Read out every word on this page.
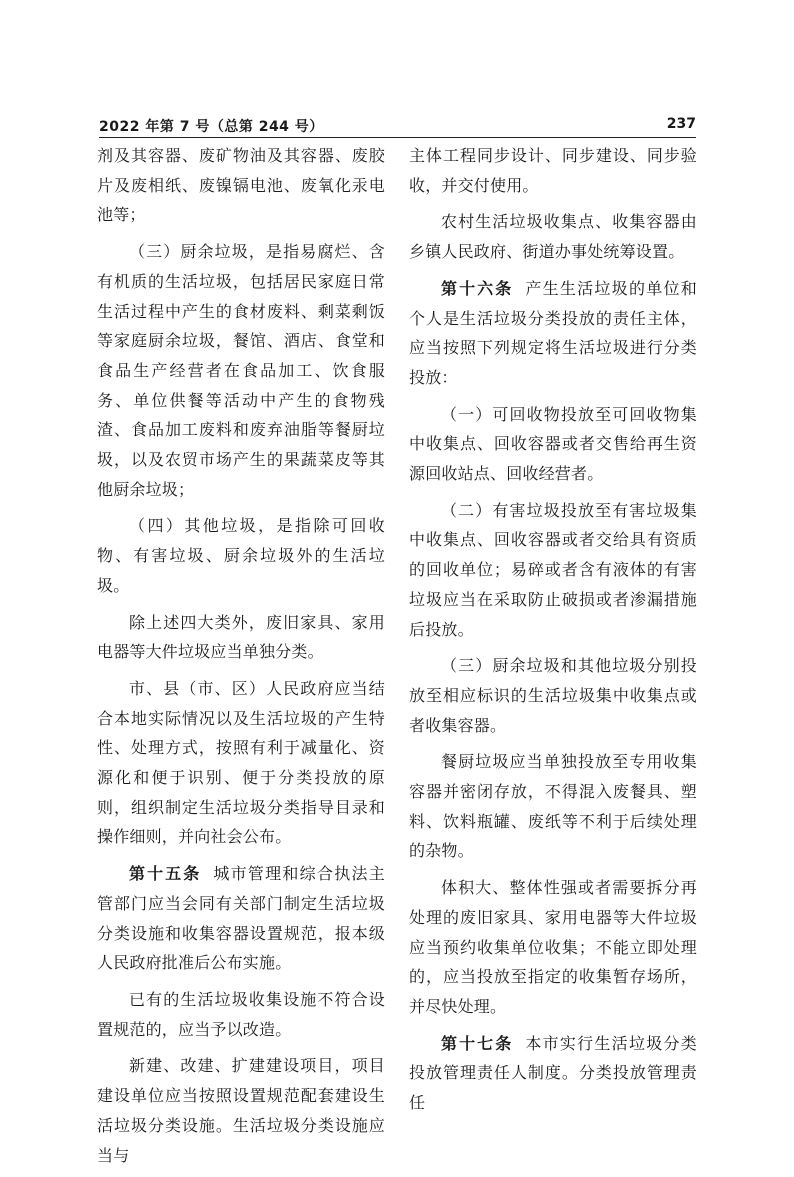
2022 年第 7 号（总第 244 号）	237

剂及其容器、废矿物油及其容器、废胶片及废相纸、废镍镉电池、废氧化汞电池等；

（三）厨余垃圾，是指易腐烂、含有机质的生活垃圾，包括居民家庭日常生活过程中产生的食材废料、剩菜剩饭等家庭厨余垃圾，餐馆、酒店、食堂和食品生产经营者在食品加工、饮食服务、单位供餐等活动中产生的食物残渣、食品加工废料和废弃油脂等餐厨垃圾，以及农贸市场产生的果蔬菜皮等其他厨余垃圾；

（四）其他垃圾，是指除可回收物、有害垃圾、厨余垃圾外的生活垃圾。

除上述四大类外，废旧家具、家用电器等大件垃圾应当单独分类。

市、县（市、区）人民政府应当结合本地实际情况以及生活垃圾的产生特性、处理方式，按照有利于减量化、资源化和便于识别、便于分类投放的原则，组织制定生活垃圾分类指导目录和操作细则，并向社会公布。

第十五条 城市管理和综合执法主管部门应当会同有关部门制定生活垃圾分类设施和收集容器设置规范，报本级人民政府批准后公布实施。

已有的生活垃圾收集设施不符合设置规范的，应当予以改造。

新建、改建、扩建建设项目，项目建设单位应当按照设置规范配套建设生活垃圾分类设施。生活垃圾分类设施应当与

主体工程同步设计、同步建设、同步验收，并交付使用。

农村生活垃圾收集点、收集容器由乡镇人民政府、街道办事处统筹设置。

第十六条 产生生活垃圾的单位和个人是生活垃圾分类投放的责任主体，应当按照下列规定将生活垃圾进行分类投放：

（一）可回收物投放至可回收物集中收集点、回收容器或者交售给再生资源回收站点、回收经营者。

（二）有害垃圾投放至有害垃圾集中收集点、回收容器或者交给具有资质的回收单位；易碎或者含有液体的有害垃圾应当在采取防止破损或者渗漏措施后投放。

（三）厨余垃圾和其他垃圾分别投放至相应标识的生活垃圾集中收集点或者收集容器。

餐厨垃圾应当单独投放至专用收集容器并密闭存放，不得混入废餐具、塑料、饮料瓶罐、废纸等不利于后续处理的杂物。

体积大、整体性强或者需要拆分再处理的废旧家具、家用电器等大件垃圾应当预约收集单位收集；不能立即处理的，应当投放至指定的收集暂存场所，并尽快处理。

第十七条 本市实行生活垃圾分类投放管理责任人制度。分类投放管理责任
